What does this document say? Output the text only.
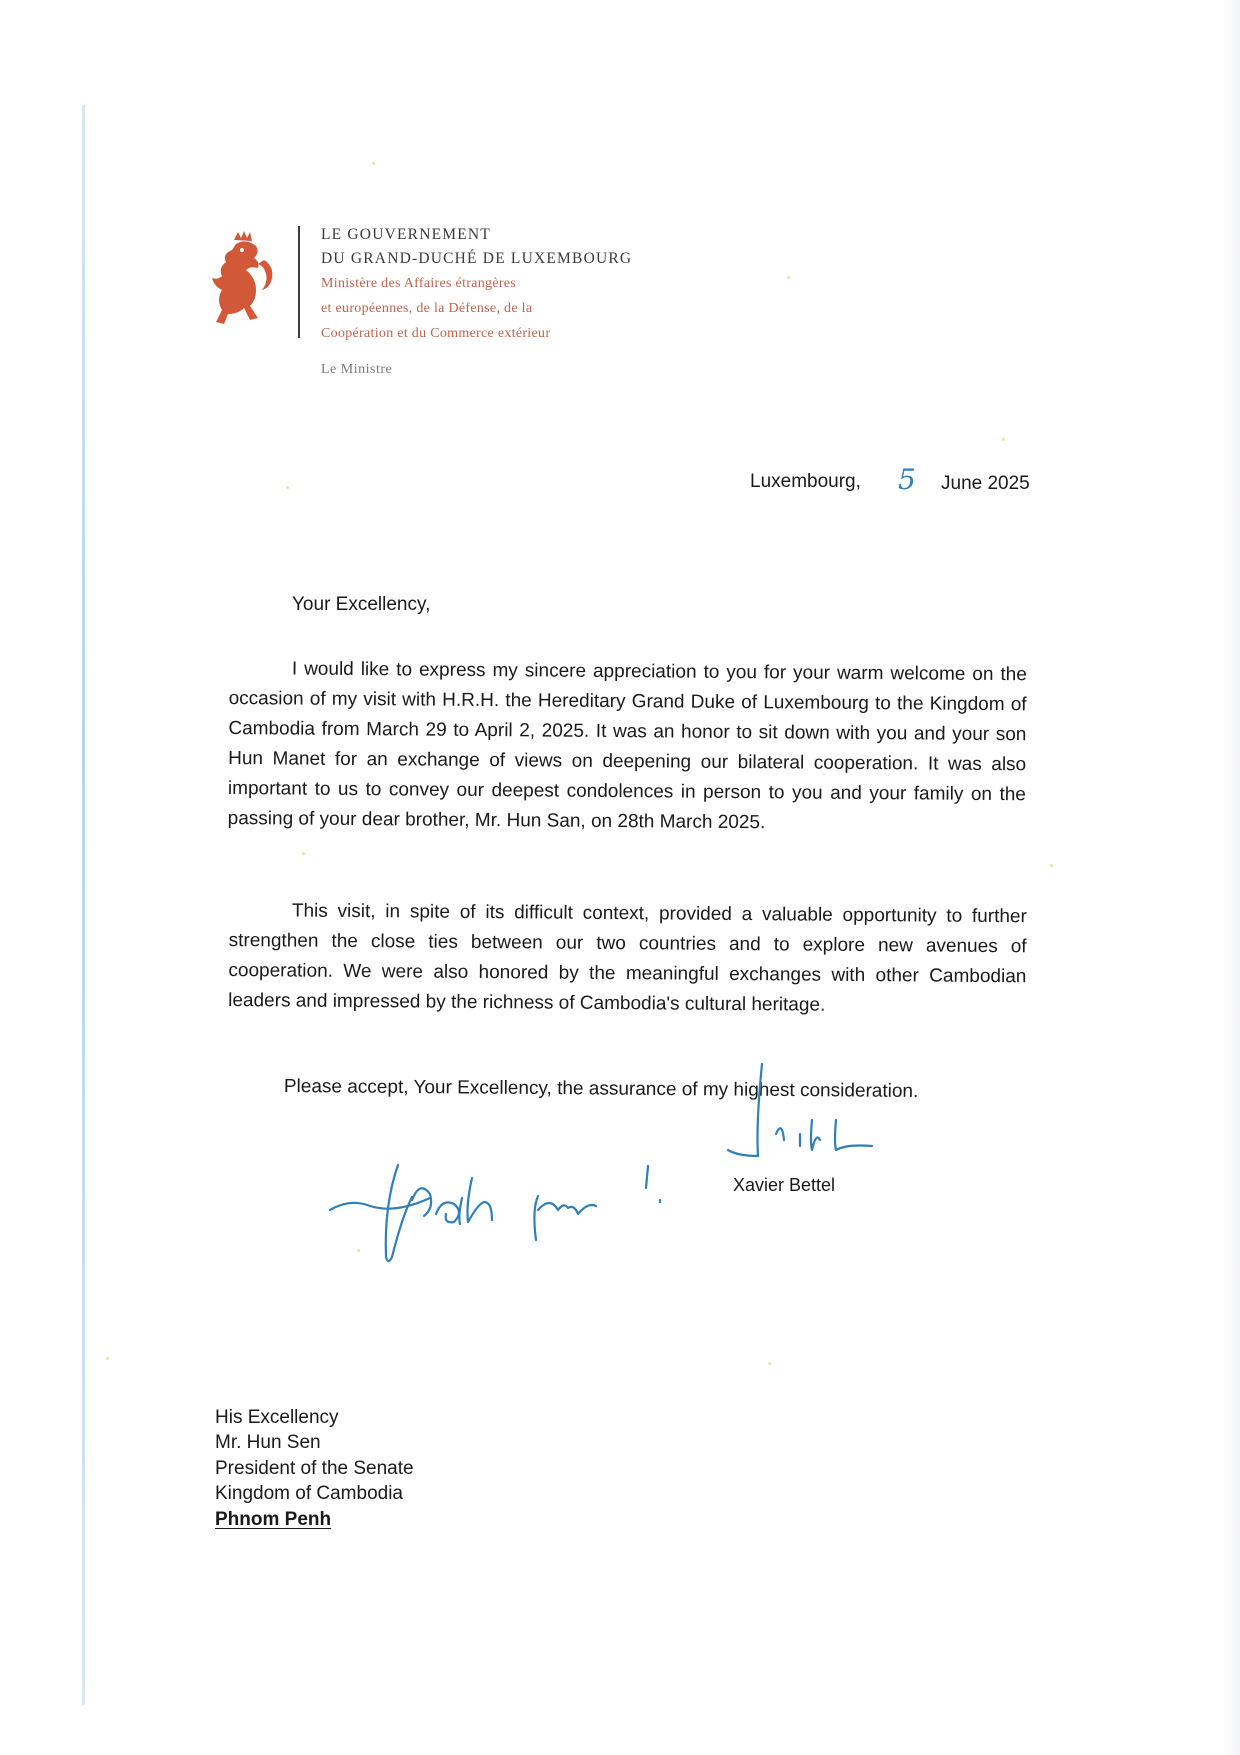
LE GOUVERNEMENT
DU GRAND-DUCHÉ DE LUXEMBOURG
Ministère des Affaires étrangères
et européennes, de la Défense, de la
Coopération et du Commerce extérieur
Le Ministre
Luxembourg, 5 June 2025
Your Excellency,

I would like to express my sincere appreciation to you for your warm welcome on the occasion of my visit with H.R.H. the Hereditary Grand Duke of Luxembourg to the Kingdom of Cambodia from March 29 to April 2, 2025. It was an honor to sit down with you and your son Hun Manet for an exchange of views on deepening our bilateral cooperation. It was also important to us to convey our deepest condolences in person to you and your family on the passing of your dear brother, Mr. Hun San, on 28th March 2025.

This visit, in spite of its difficult context, provided a valuable opportunity to further strengthen the close ties between our two countries and to explore new avenues of cooperation. We were also honored by the meaningful exchanges with other Cambodian leaders and impressed by the richness of Cambodia's cultural heritage.

Please accept, Your Excellency, the assurance of my highest consideration.
Thank you!
Xavier Bettel
His Excellency
Mr. Hun Sen
President of the Senate
Kingdom of Cambodia
Phnom Penh
